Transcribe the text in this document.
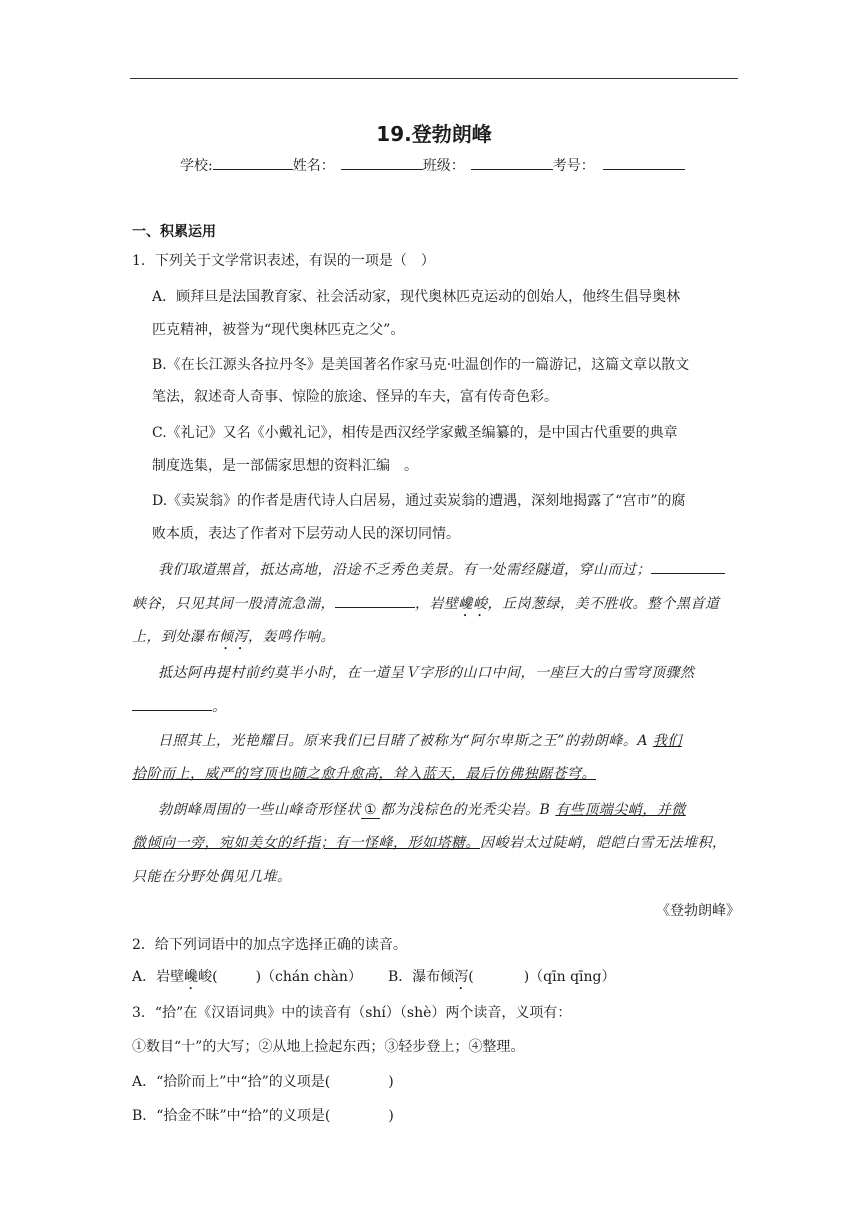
19.登勃朗峰
学校:	姓名：	班级：	考号：
一、积累运用
1．下列关于文学常识表述，有误的一项是（　）
A．顾拜旦是法国教育家、社会活动家，现代奥林匹克运动的创始人，他终生倡导奥林
匹克精神，被誉为“现代奥林匹克之父”。
B.《在长江源头各拉丹冬》是美国著名作家马克·吐温创作的一篇游记，这篇文章以散文
笔法，叙述奇人奇事、惊险的旅途、怪异的车夫，富有传奇色彩。
C.《礼记》又名《小戴礼记》，相传是西汉经学家戴圣编纂的，是中国古代重要的典章
制度选集，是一部儒家思想的资料汇编　。
D.《卖炭翁》的作者是唐代诗人白居易，通过卖炭翁的遭遇，深刻地揭露了“宫市”的腐
败本质，表达了作者对下层劳动人民的深切同情。
我们取道黑首，抵达高地，沿途不乏秀色美景。有一处需经隧道，穿山而过；
峡谷，只见其间一股清流急湍，	，岩壁巉峻，丘岗葱绿，美不胜收。整个黑首道
上，到处瀑布倾泻，轰鸣作响。
抵达阿冉提村前约莫半小时，在一道呈Ｖ字形的山口中间，一座巨大的白雪穹顶骤然
。
日照其上，光艳耀目。原来我们已目睹了被称为“阿尔卑斯之王”的勃朗峰。A 我们
拾阶而上，威严的穹顶也随之愈升愈高，耸入蓝天，最后仿佛独踞苍穹。
勃朗峰周围的一些山峰奇形怪状 ① 都为浅棕色的光秃尖岩。B 有些顶端尖峭，并微
微倾向一旁，宛如美女的纤指；有一怪峰，形如塔糖。因峻岩太过陡峭，皑皑白雪无法堆积，
只能在分野处偶见几堆。
《登勃朗峰》
2．给下列词语中的加点字选择正确的读音。
A．岩壁巉峻(	)（chán chàn） B．瀑布倾泻(	)（qīn qīng）
3．“拾”在《汉语词典》中的读音有（shí）（shè）两个读音，义项有：
①数目“十”的大写；②从地上捡起东西；③轻步登上；④整理。
A．“拾阶而上”中“拾”的义项是(	)
B．“拾金不昧”中“拾”的义项是(	)
